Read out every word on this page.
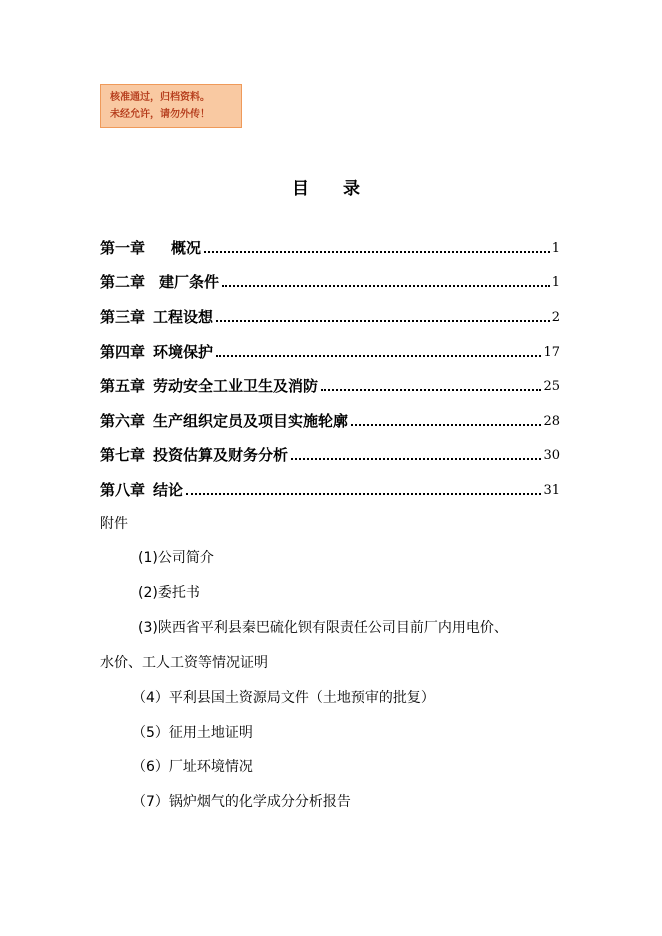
核准通过，归档资料。
未经允许，请勿外传！
目录
第一章 概况	1
第二章 建厂条件	1
第三章 工程设想	2
第四章 环境保护	17
第五章 劳动安全工业卫生及消防	25
第六章 生产组织定员及项目实施轮廓	28
第七章 投资估算及财务分析	30
第八章 结论	31
附件
(1)公司简介
(2)委托书
(3)陕西省平利县秦巴硫化钡有限责任公司目前厂内用电价、
水价、工人工资等情况证明
（4）平利县国土资源局文件（土地预审的批复）
（5）征用土地证明
（6）厂址环境情况
（7）锅炉烟气的化学成分分析报告
